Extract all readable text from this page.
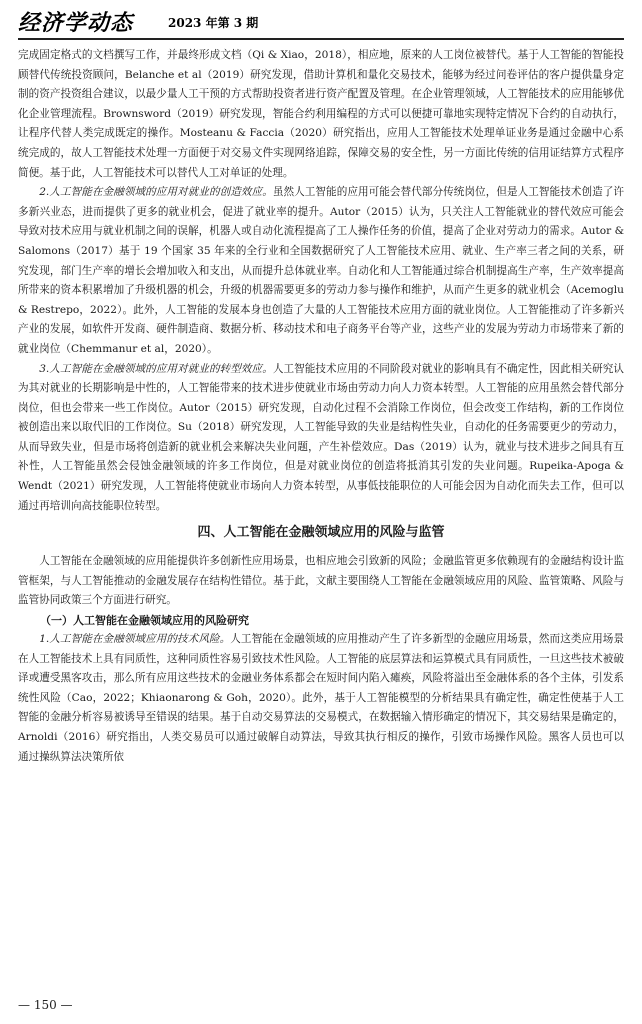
经济学动态	2023 年第 3 期

完成固定格式的文档撰写工作，并最终形成文档（Qi & Xiao，2018），相应地，原来的人工岗位被替代。基于人工智能的智能投顾替代传统投资顾问，Belanche et al（2019）研究发现，借助计算机和量化交易技术，能够为经过问卷评估的客户提供量身定制的资产投资组合建议，以最少量人工干预的方式帮助投资者进行资产配置及管理。在企业管理领域，人工智能技术的应用能够优化企业管理流程。Brownsword（2019）研究发现，智能合约利用编程的方式可以便捷可靠地实现特定情况下合约的自动执行，让程序代替人类完成既定的操作。Mosteanu & Faccia（2020）研究指出，应用人工智能技术处理单证业务是通过金融中心系统完成的，故人工智能技术处理一方面便于对交易文件实现网络追踪，保障交易的安全性，另一方面比传统的信用证结算方式程序简便。基于此，人工智能技术可以替代人工对单证的处理。

2.人工智能在金融领域的应用对就业的创造效应。虽然人工智能的应用可能会替代部分传统岗位，但是人工智能技术创造了许多新兴业态，进而提供了更多的就业机会，促进了就业率的提升。Autor（2015）认为，只关注人工智能就业的替代效应可能会导致对技术应用与就业机制之间的误解，机器人或自动化流程提高了工人操作任务的价值，提高了企业对劳动力的需求。Autor & Salomons（2017）基于 19 个国家 35 年来的全行业和全国数据研究了人工智能技术应用、就业、生产率三者之间的关系，研究发现，部门生产率的增长会增加收入和支出，从而提升总体就业率。自动化和人工智能通过综合机制提高生产率，生产效率提高所带来的资本积累增加了升级机器的机会，升级的机器需要更多的劳动力参与操作和维护，从而产生更多的就业机会（Acemoglu & Restrepo，2022）。此外，人工智能的发展本身也创造了大量的人工智能技术应用方面的就业岗位。人工智能推动了许多新兴产业的发展，如软件开发商、硬件制造商、数据分析、移动技术和电子商务平台等产业，这些产业的发展为劳动力市场带来了新的就业岗位（Chemmanur et al，2020）。

3.人工智能在金融领域的应用对就业的转型效应。人工智能技术应用的不同阶段对就业的影响具有不确定性，因此相关研究认为其对就业的长期影响是中性的，人工智能带来的技术进步使就业市场由劳动力向人力资本转型。人工智能的应用虽然会替代部分岗位，但也会带来一些工作岗位。Autor（2015）研究发现，自动化过程不会消除工作岗位，但会改变工作结构，新的工作岗位被创造出来以取代旧的工作岗位。Su（2018）研究发现，人工智能导致的失业是结构性失业，自动化的任务需要更少的劳动力，从而导致失业，但是市场将创造新的就业机会来解决失业问题，产生补偿效应。Das（2019）认为，就业与技术进步之间具有互补性，人工智能虽然会侵蚀金融领域的许多工作岗位，但是对就业岗位的创造将抵消其引发的失业问题。Rupeika-Apoga & Wendt（2021）研究发现，人工智能将使就业市场向人力资本转型，从事低技能职位的人可能会因为自动化而失去工作，但可以通过再培训向高技能职位转型。

四、人工智能在金融领域应用的风险与监管

人工智能在金融领域的应用能提供许多创新性应用场景，也相应地会引致新的风险；金融监管更多依赖现有的金融结构设计监管框架，与人工智能推动的金融发展存在结构性错位。基于此，文献主要围绕人工智能在金融领域应用的风险、监管策略、风险与监管协同政策三个方面进行研究。

（一）人工智能在金融领域应用的风险研究

1.人工智能在金融领域应用的技术风险。人工智能在金融领域的应用推动产生了许多新型的金融应用场景，然而这类应用场景在人工智能技术上具有同质性，这种同质性容易引致技术性风险。人工智能的底层算法和运算模式具有同质性，一旦这些技术被破译或遭受黑客攻击，那么所有应用这些技术的金融业务体系都会在短时间内陷入瘫痪，风险将溢出至金融体系的各个主体，引发系统性风险（Cao，2022；Khiaonarong & Goh，2020）。此外，基于人工智能模型的分析结果具有确定性，确定性使基于人工智能的金融分析容易被诱导至错误的结果。基于自动交易算法的交易模式，在数据输入情形确定的情况下，其交易结果是确定的，Arnoldi（2016）研究指出，人类交易员可以通过破解自动算法，导致其执行相反的操作，引致市场操作风险。黑客人员也可以通过操纵算法决策所依

— 150 —
